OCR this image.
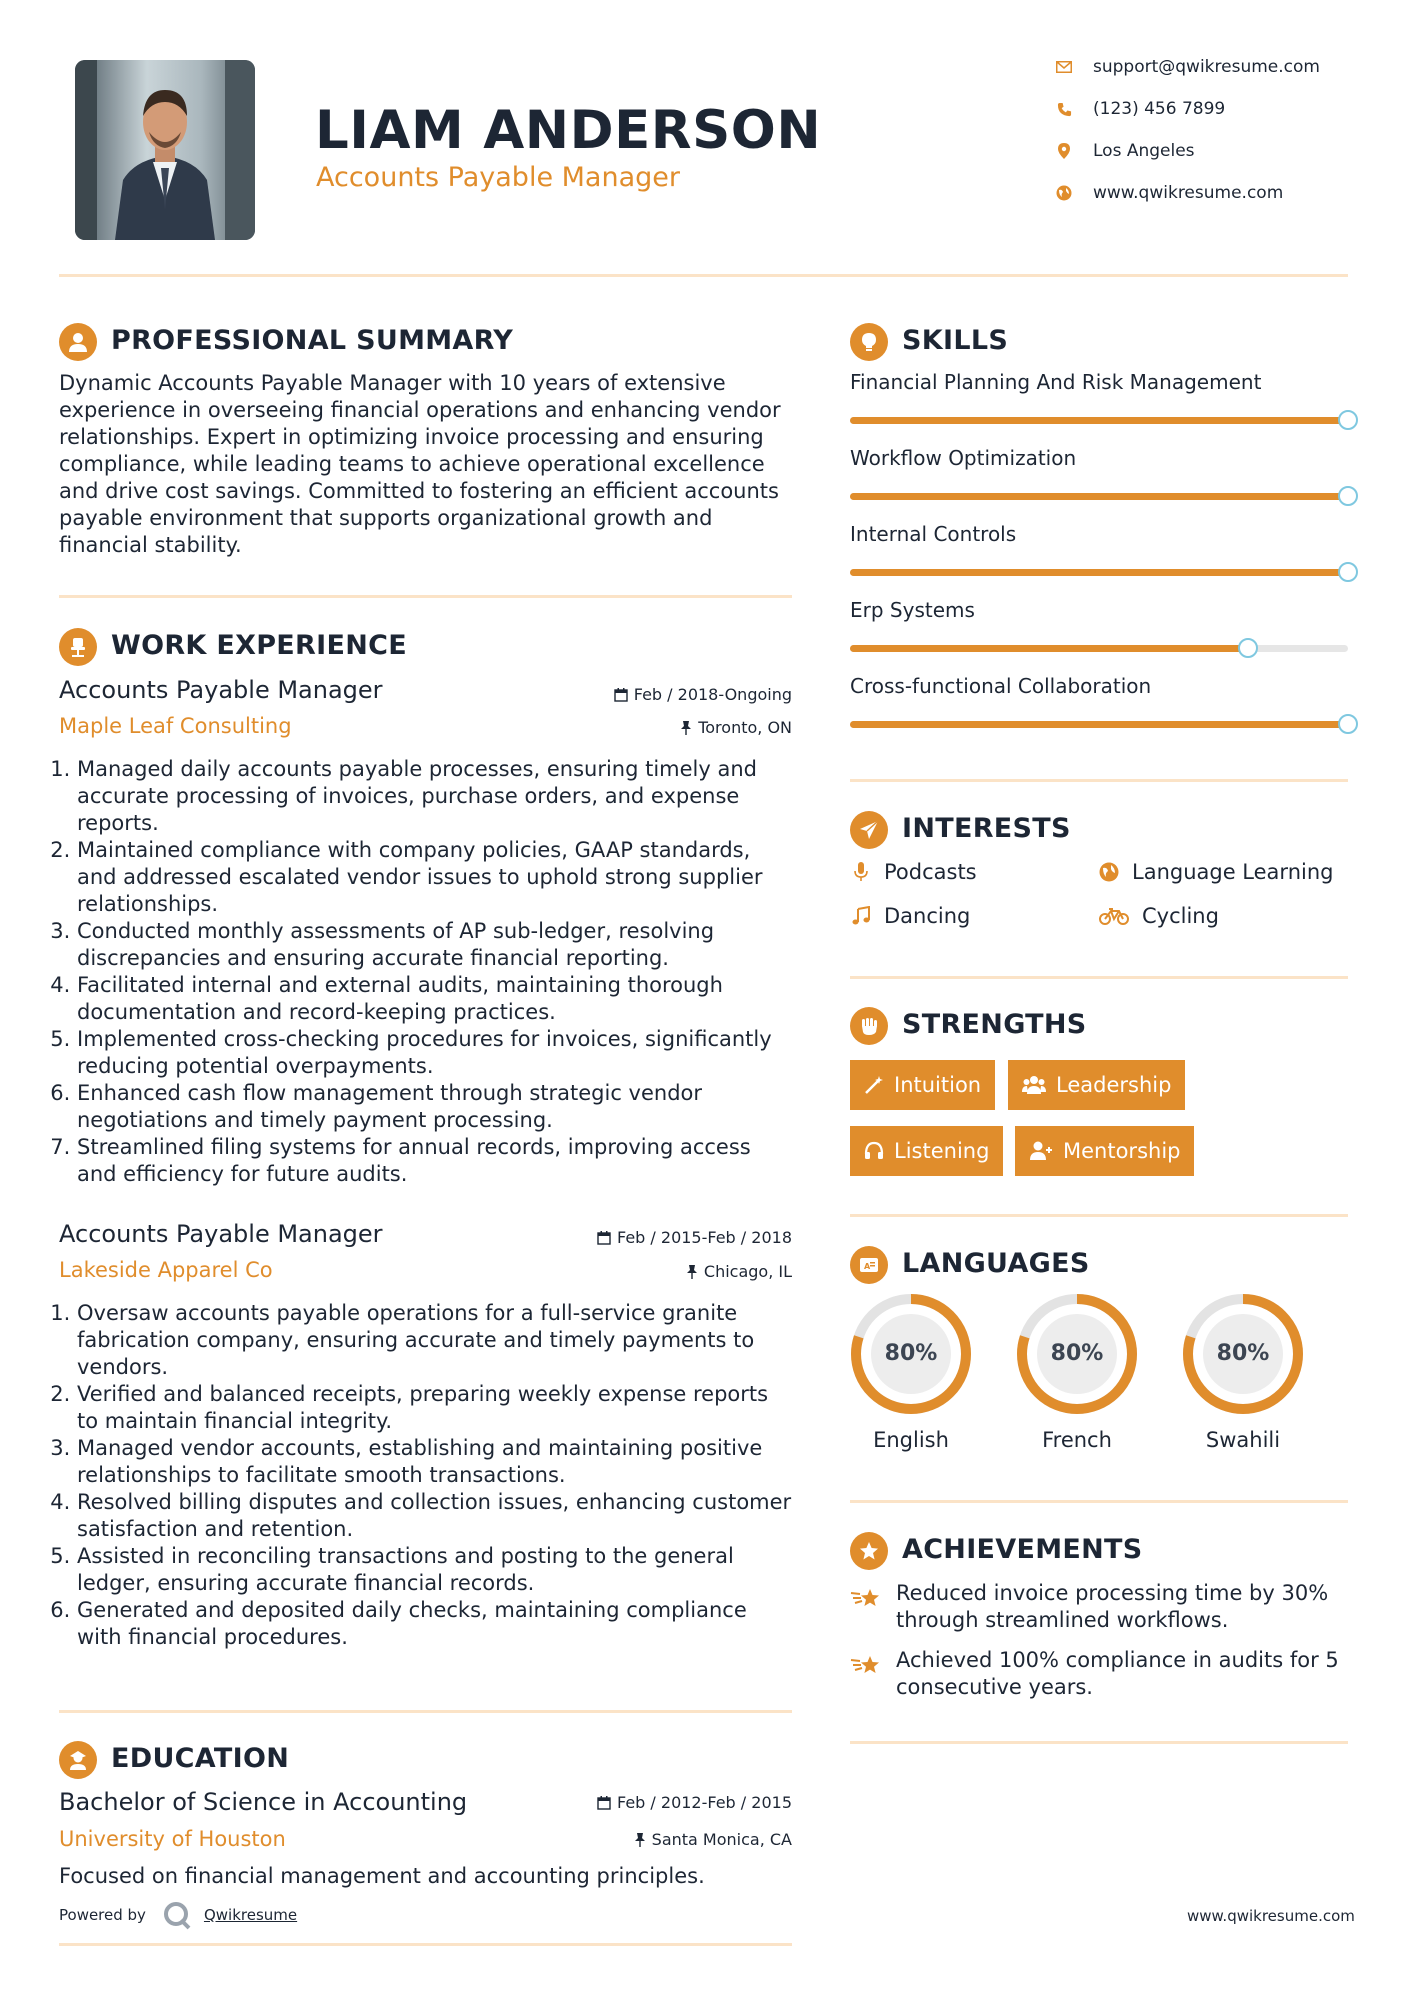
LIAM ANDERSON
Accounts Payable Manager
support@qwikresume.com
(123) 456 7899
Los Angeles
www.qwikresume.com
PROFESSIONAL SUMMARY
Dynamic Accounts Payable Manager with 10 years of extensive experience in overseeing financial operations and enhancing vendor relationships. Expert in optimizing invoice processing and ensuring compliance, while leading teams to achieve operational excellence and drive cost savings. Committed to fostering an efficient accounts payable environment that supports organizational growth and financial stability.
WORK EXPERIENCE
Accounts Payable Manager	Feb / 2018-Ongoing
Maple Leaf Consulting	Toronto, ON
1. Managed daily accounts payable processes, ensuring timely and accurate processing of invoices, purchase orders, and expense reports.
2. Maintained compliance with company policies, GAAP standards, and addressed escalated vendor issues to uphold strong supplier relationships.
3. Conducted monthly assessments of AP sub-ledger, resolving discrepancies and ensuring accurate financial reporting.
4. Facilitated internal and external audits, maintaining thorough documentation and record-keeping practices.
5. Implemented cross-checking procedures for invoices, significantly reducing potential overpayments.
6. Enhanced cash flow management through strategic vendor negotiations and timely payment processing.
7. Streamlined filing systems for annual records, improving access and efficiency for future audits.
Accounts Payable Manager	Feb / 2015-Feb / 2018
Lakeside Apparel Co	Chicago, IL
1. Oversaw accounts payable operations for a full-service granite fabrication company, ensuring accurate and timely payments to vendors.
2. Verified and balanced receipts, preparing weekly expense reports to maintain financial integrity.
3. Managed vendor accounts, establishing and maintaining positive relationships to facilitate smooth transactions.
4. Resolved billing disputes and collection issues, enhancing customer satisfaction and retention.
5. Assisted in reconciling transactions and posting to the general ledger, ensuring accurate financial records.
6. Generated and deposited daily checks, maintaining compliance with financial procedures.
EDUCATION
Bachelor of Science in Accounting	Feb / 2012-Feb / 2015
University of Houston	Santa Monica, CA
Focused on financial management and accounting principles.
Powered by	Qwikresume	www.qwikresume.com
SKILLS
Financial Planning And Risk Management
Workflow Optimization
Internal Controls
Erp Systems
Cross-functional Collaboration
INTERESTS
Podcasts	Language Learning
Dancing	Cycling
STRENGTHS
Intuition	Leadership
Listening	Mentorship
A LANGUAGES
80%	80%	80%
English	French	Swahili
ACHIEVEMENTS
Reduced invoice processing time by 30% through streamlined workflows.
Achieved 100% compliance in audits for 5 consecutive years.
